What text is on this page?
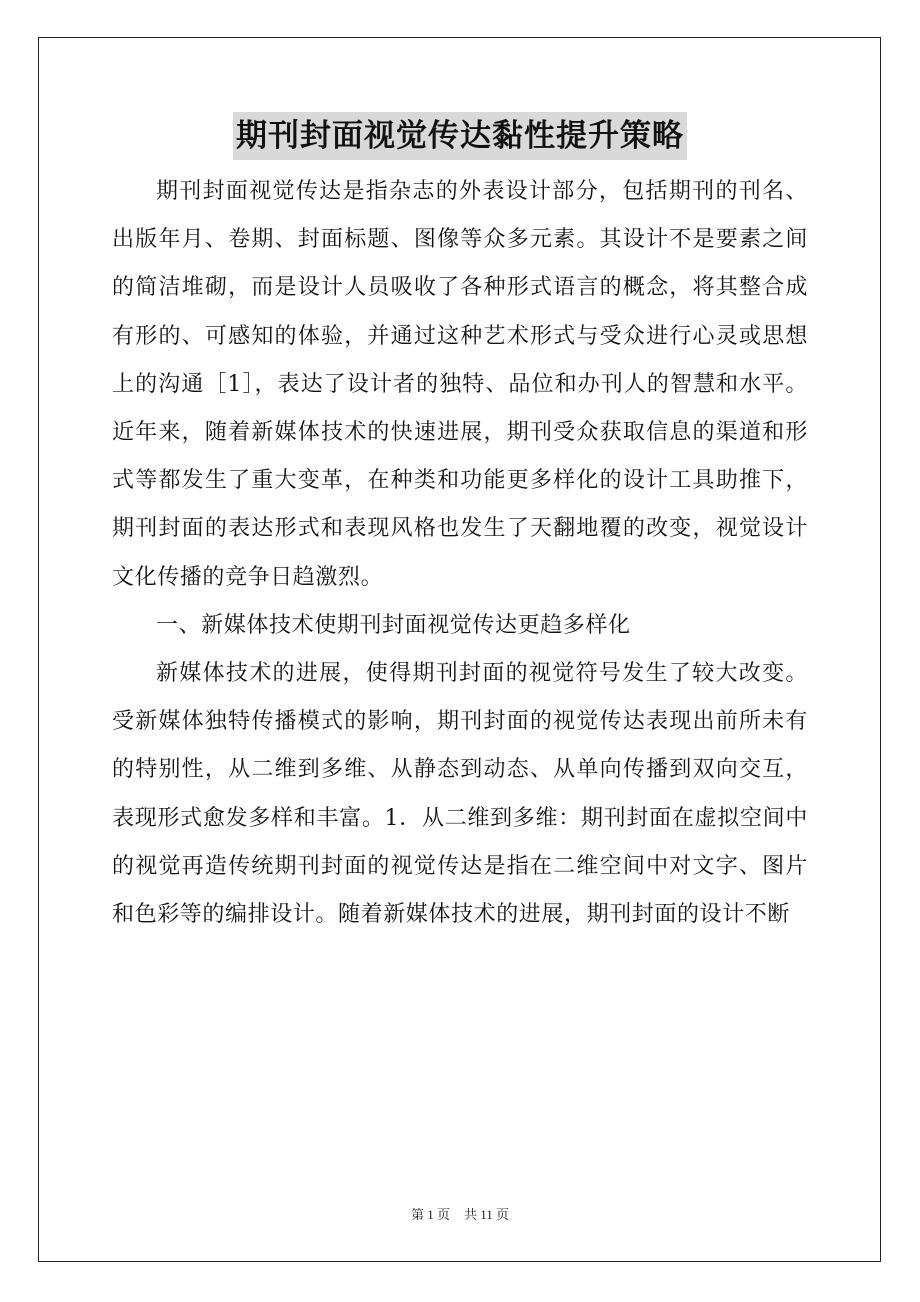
期刊封面视觉传达黏性提升策略

期刊封面视觉传达是指杂志的外表设计部分，包括期刊的刊名、出版年月、卷期、封面标题、图像等众多元素。其设计不是要素之间的简洁堆砌，而是设计人员吸收了各种形式语言的概念，将其整合成有形的、可感知的体验，并通过这种艺术形式与受众进行心灵或思想上的沟通［1］，表达了设计者的独特、品位和办刊人的智慧和水平。近年来，随着新媒体技术的快速进展，期刊受众获取信息的渠道和形式等都发生了重大变革，在种类和功能更多样化的设计工具助推下，期刊封面的表达形式和表现风格也发生了天翻地覆的改变，视觉设计文化传播的竞争日趋激烈。

一、新媒体技术使期刊封面视觉传达更趋多样化

新媒体技术的进展，使得期刊封面的视觉符号发生了较大改变。受新媒体独特传播模式的影响，期刊封面的视觉传达表现出前所未有的特别性，从二维到多维、从静态到动态、从单向传播到双向交互，表现形式愈发多样和丰富。1．从二维到多维：期刊封面在虚拟空间中的视觉再造传统期刊封面的视觉传达是指在二维空间中对文字、图片和色彩等的编排设计。随着新媒体技术的进展，期刊封面的设计不断

第 1 页 共 11 页
